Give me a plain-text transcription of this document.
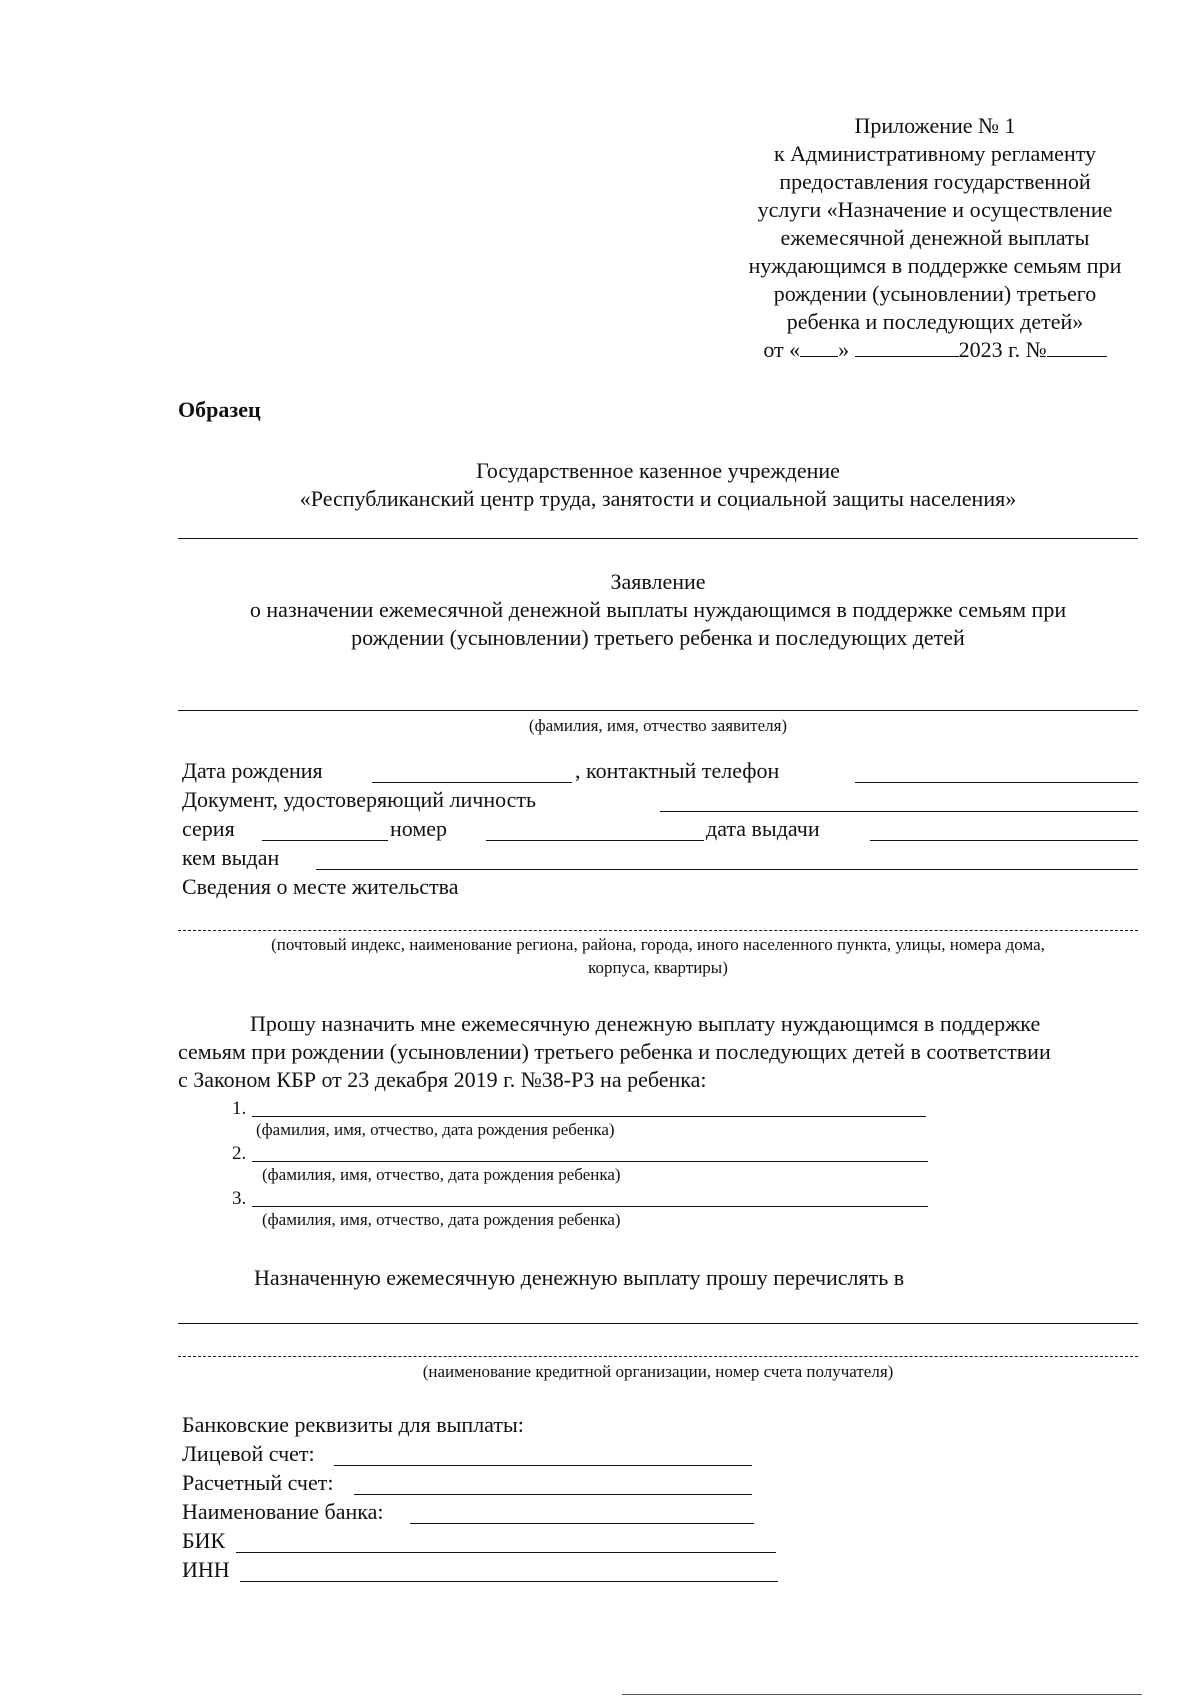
Приложение № 1
к Административному регламенту
предоставления государственной
услуги «Назначение и осуществление
ежемесячной денежной выплаты
нуждающимся в поддержке семьям при
рождении (усыновлении) третьего
ребенка и последующих детей»
от « »	2023 г. №
Образец
Государственное казенное учреждение
«Республиканский центр труда, занятости и социальной защиты населения»
Заявление
о назначении ежемесячной денежной выплаты нуждающимся в поддержке семьям при
рождении (усыновлении) третьего ребенка и последующих детей
(фамилия, имя, отчество заявителя)
Дата рождения	, контактный телефон
Документ, удостоверяющий личность
серия	номер	дата выдачи
кем выдан
Сведения о месте жительства
(почтовый индекс, наименование региона, района, города, иного населенного пункта, улицы, номера дома,
корпуса, квартиры)
Прошу назначить мне ежемесячную денежную выплату нуждающимся в поддержке
семьям при рождении (усыновлении) третьего ребенка и последующих детей в соответствии
с Законом КБР от 23 декабря 2019 г. №38-РЗ на ребенка:
1.
(фамилия, имя, отчество, дата рождения ребенка)
2.
(фамилия, имя, отчество, дата рождения ребенка)
3.
(фамилия, имя, отчество, дата рождения ребенка)
Назначенную ежемесячную денежную выплату прошу перечислять в
(наименование кредитной организации, номер счета получателя)
Банковские реквизиты для выплаты:
Лицевой счет:
Расчетный счет:
Наименование банка:
БИК
ИНН
